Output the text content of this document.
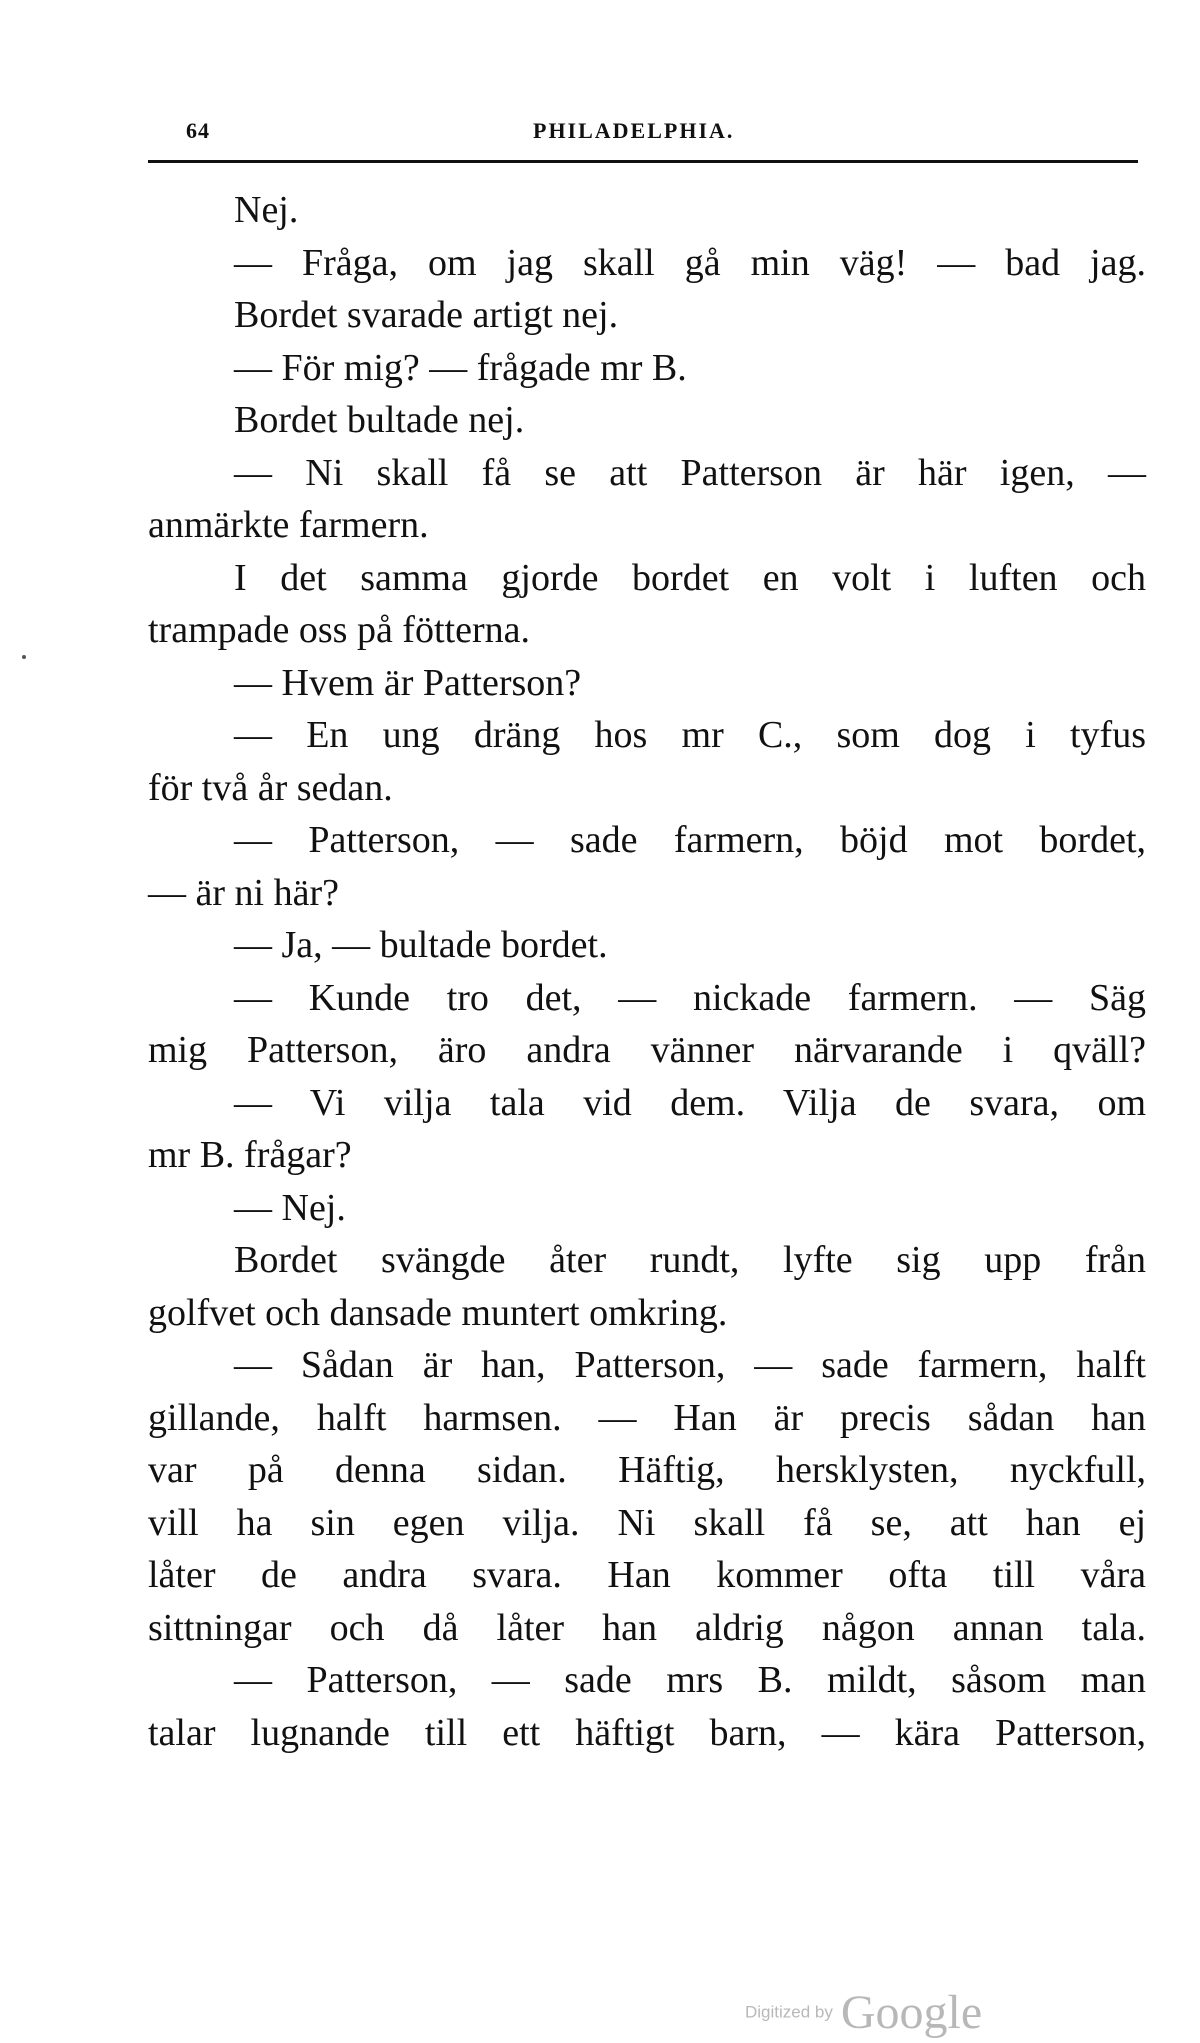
64	PHILADELPHIA.
Nej.
— Fråga, om jag skall gå min väg! — bad jag.
Bordet svarade artigt nej.
— För mig? — frågade mr B.
Bordet bultade nej.
— Ni skall få se att Patterson är här igen, —
anmärkte farmern.
I det samma gjorde bordet en volt i luften och
trampade oss på fötterna.
— Hvem är Patterson?
— En ung dräng hos mr C., som dog i tyfus
för två år sedan.
— Patterson, — sade farmern, böjd mot bordet,
— är ni här?
— Ja, — bultade bordet.
— Kunde tro det, — nickade farmern. — Säg
mig Patterson, äro andra vänner närvarande i qväll?
— Vi vilja tala vid dem. Vilja de svara, om
mr B. frågar?
— Nej.
Bordet svängde åter rundt, lyfte sig upp från
golfvet och dansade muntert omkring.
— Sådan är han, Patterson, — sade farmern, halft
gillande, halft harmsen. — Han är precis sådan han
var på denna sidan. Häftig, hersklysten, nyckfull,
vill ha sin egen vilja. Ni skall få se, att han ej
låter de andra svara. Han kommer ofta till våra
sittningar och då låter han aldrig någon annan tala.
— Patterson, — sade mrs B. mildt, såsom man
talar lugnande till ett häftigt barn, — kära Patterson,
Digitized by Google
